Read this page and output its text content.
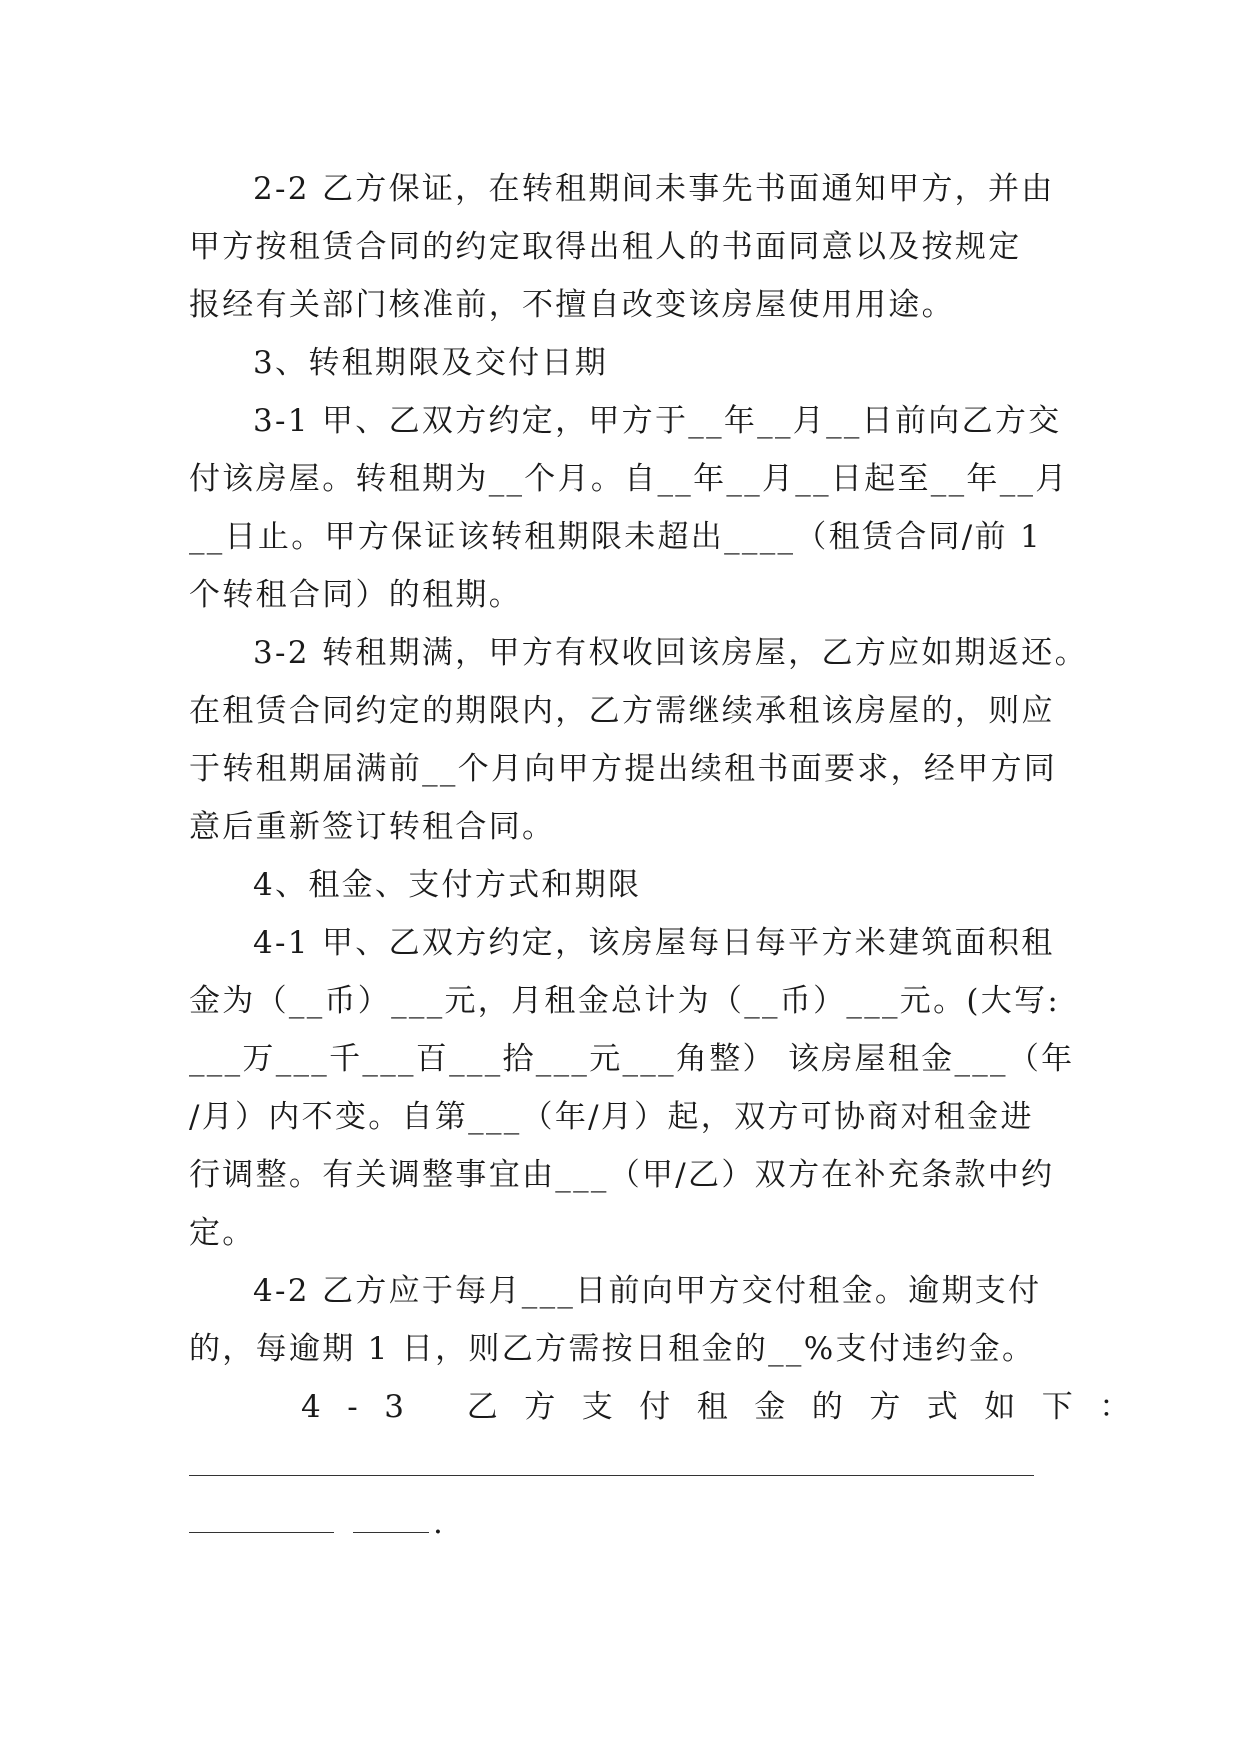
2-2 乙方保证，在转租期间未事先书面通知甲方，并由
甲方按租赁合同的约定取得出租人的书面同意以及按规定
报经有关部门核准前，不擅自改变该房屋使用用途。
3、转租期限及交付日期
3-1 甲、乙双方约定，甲方于__年__月__日前向乙方交
付该房屋。转租期为__个月。自__年__月__日起至__年__月
__日止。甲方保证该转租期限未超出____（租赁合同/前 1
个转租合同）的租期。
3-2 转租期满，甲方有权收回该房屋，乙方应如期返还。
在租赁合同约定的期限内，乙方需继续承租该房屋的，则应
于转租期届满前__个月向甲方提出续租书面要求，经甲方同
意后重新签订转租合同。
4、租金、支付方式和期限
4-1 甲、乙双方约定，该房屋每日每平方米建筑面积租
金为（__币）___元，月租金总计为（__币）___元。(大写:
___万___千___百___拾___元___角整） 该房屋租金___（年
/月）内不变。自第___（年/月）起，双方可协商对租金进
行调整。有关调整事宜由___（甲/乙）双方在补充条款中约
定。
4-2 乙方应于每月___日前向甲方交付租金。逾期支付
的，每逾期 1 日，则乙方需按日租金的__%支付违约金。
4-3 乙方支付租金的方式如下：
.
